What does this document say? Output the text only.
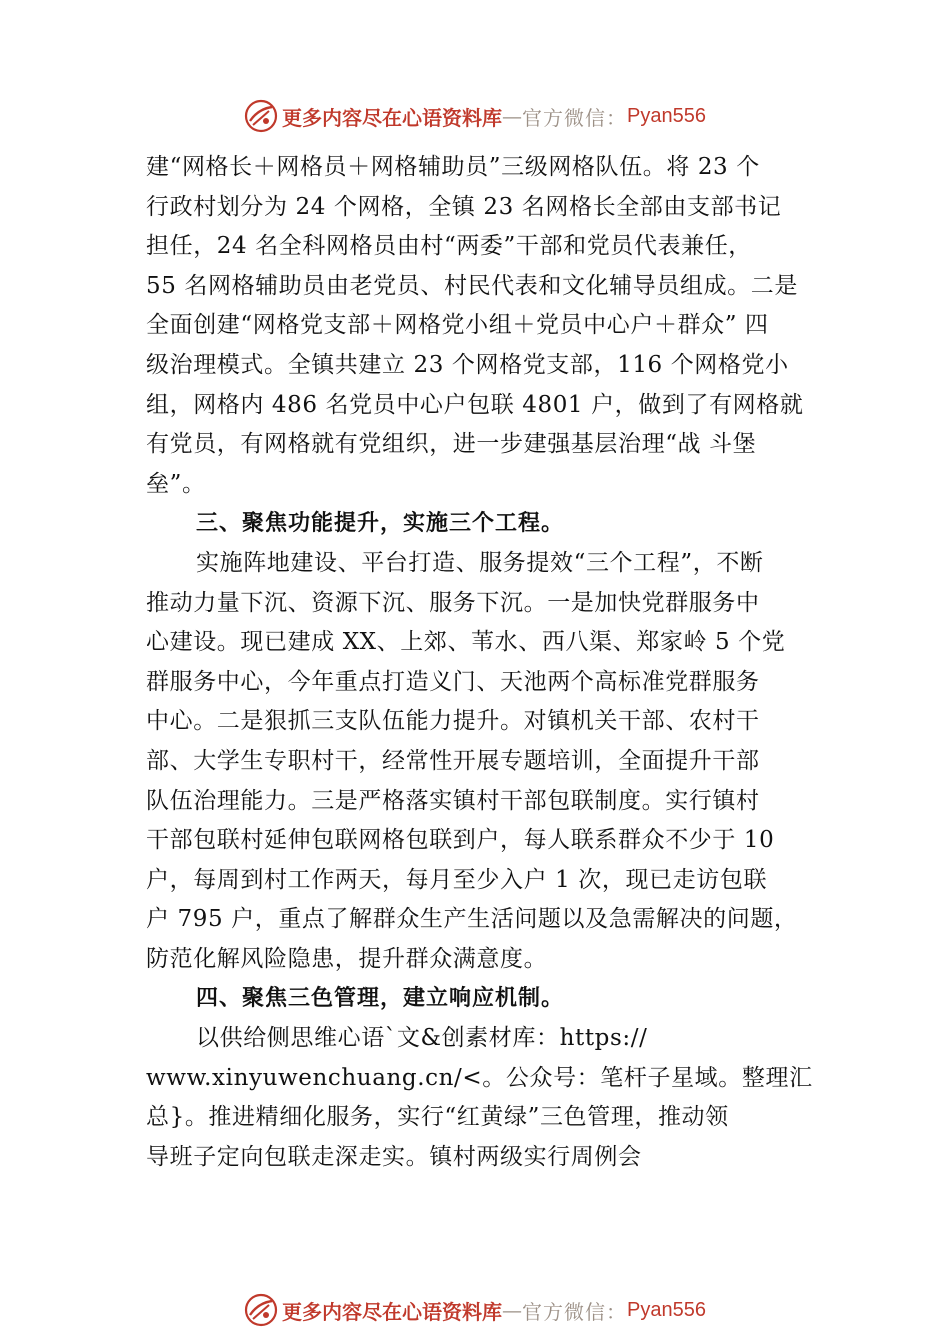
更多内容尽在心语资料库 — 官方微信： Pyan556
建“网格长＋网格员＋网格辅助员”三级网格队伍。将 23 个
行政村划分为 24 个网格，全镇 23 名网格长全部由支部书记
担任，24 名全科网格员由村“两委”干部和党员代表兼任，
55 名网格辅助员由老党员、村民代表和文化辅导员组成。二是
全面创建“网格党支部＋网格党小组＋党员中心户＋群众” 四
级治理模式。全镇共建立 23 个网格党支部，116 个网格党小
组，网格内 486 名党员中心户包联 4801 户，做到了有网格就
有党员，有网格就有党组织，进一步建强基层治理“战 斗堡
垒”。
三、聚焦功能提升，实施三个工程。
实施阵地建设、平台打造、服务提效“三个工程”，不断
推动力量下沉、资源下沉、服务下沉。一是加快党群服务中
心建设。现已建成 XX、上郊、苇水、西八渠、郑家岭 5 个党
群服务中心，今年重点打造义门、天池两个高标准党群服务
中心。二是狠抓三支队伍能力提升。对镇机关干部、农村干
部、大学生专职村干，经常性开展专题培训，全面提升干部
队伍治理能力。三是严格落实镇村干部包联制度。实行镇村
干部包联村延伸包联网格包联到户，每人联系群众不少于 10
户，每周到村工作两天，每月至少入户 1 次，现已走访包联
户 795 户，重点了解群众生产生活问题以及急需解决的问题，
防范化解风险隐患，提升群众满意度。
四、聚焦三色管理，建立响应机制。
以供给侧思维心语`文&创素材库：https://
www.xinyuwenchuang.cn/<。公众号：笔杆子星域。整理汇
总}。推进精细化服务，实行“红黄绿”三色管理，推动领
导班子定向包联走深走实。镇村两级实行周例会
更多内容尽在心语资料库 — 官方微信： Pyan556
